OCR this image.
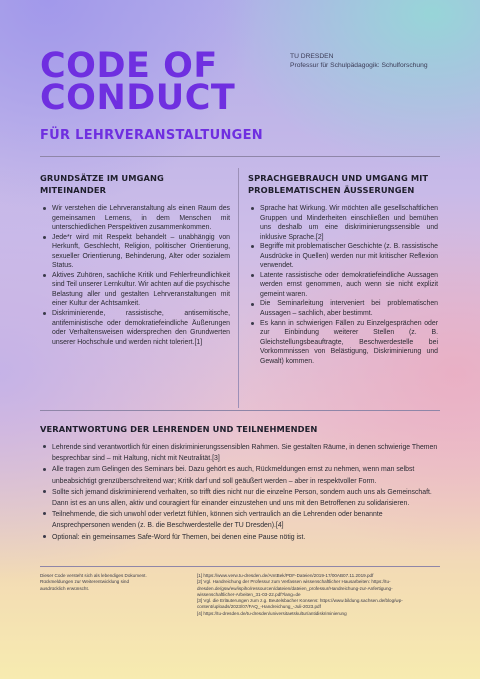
CODE OF
CONDUCT
TU DRESDEN
Professur für Schulpädagogik: Schulforschung
FÜR LEHRVERANSTALTUNGEN
GRUNDSÄTZE IM UMGANG
MITEINANDER
Wir verstehen die Lehrveranstaltung als einen Raum des gemeinsamen Lernens, in dem Menschen mit unterschiedlichen Perspektiven zusammenkommen.
Jede*r wird mit Respekt behandelt – unabhängig von Herkunft, Geschlecht, Religion, politischer Orientierung, sexueller Orientierung, Behinderung, Alter oder sozialem Status.
Aktives Zuhören, sachliche Kritik und Fehlerfreundlichkeit sind Teil unserer Lernkultur. Wir achten auf die psychische Belastung aller und gestalten Lehrveranstaltungen mit einer Kultur der Achtsamkeit.
Diskriminierende, rassistische, antisemitische, antifeministische oder demokratiefeindliche Äußerungen oder Verhaltensweisen widersprechen den Grundwerten unserer Hochschule und werden nicht toleriert.[1]
SPRACHGEBRAUCH UND UMGANG MIT
PROBLEMATISCHEN ÄUSSERUNGEN
Sprache hat Wirkung. Wir möchten alle gesellschaftlichen Gruppen und Minderheiten einschließen und bemühen uns deshalb um eine diskriminierungssensible und inklusive Sprache.[2]
Begriffe mit problematischer Geschichte (z. B. rassistische Ausdrücke in Quellen) werden nur mit kritischer Reflexion verwendet.
Latente rassistische oder demokratiefeindliche Aussagen werden ernst genommen, auch wenn sie nicht explizit gemeint waren.
Die Seminarleitung interveniert bei problematischen Aussagen – sachlich, aber bestimmt.
Es kann in schwierigen Fällen zu Einzelgesprächen oder zur Einbindung weiterer Stellen (z. B. Gleichstellungsbeauftragte, Beschwerdestelle bei Vorkommnissen von Belästigung, Diskriminierung und Gewalt) kommen.
VERANTWORTUNG DER LEHRENDEN UND TEILNEHMENDEN
Lehrende sind verantwortlich für einen diskriminierungssensiblen Rahmen. Sie gestalten Räume, in denen schwierige Themen besprechbar sind – mit Haltung, nicht mit Neutralität.[3]
Alle tragen zum Gelingen des Seminars bei. Dazu gehört es auch, Rückmeldungen ernst zu nehmen, wenn man selbst unbeabsichtigt grenzüberschreitend war; Kritik darf und soll geäußert werden – aber in respektvoller Form.
Sollte sich jemand diskriminierend verhalten, so trifft dies nicht nur die einzelne Person, sondern auch uns als Gemeinschaft. Dann ist es an uns allen, aktiv und couragiert für einander einzustehen und uns mit den Betroffenen zu solidarisieren.
Teilnehmende, die sich unwohl oder verletzt fühlen, können sich vertraulich an die Lehrenden oder benannte Ansprechpersonen wenden (z. B. die Beschwerdestelle der TU Dresden).[4]
Optional: ein gemeinsames Safe-Word für Themen, bei denen eine Pause nötig ist.
Dieser Code versteht sich als lebendiges Dokument.
Rückmeldungen zur Weiterentwicklung sind
ausdrücklich erwünscht.
[1] https://www.verw.tu-dresden.de/AmtBek/PDF-Dateien/2019-17/00AB07.11.2019.pdf
[2] Vgl. Handreichung der Professur zum Verfassen wissenschaftlicher Hausarbeiten: https://tu-
dresden.de/gsw/ew/ispiho/ressourcen/dateien/dateien_professur/Handreichung-zur-Anfertigung-
wissenschaftlicher-Arbeiten_31-03-22.pdf?lang=de
[3] Vgl. die Erläuterungen zum z.g. Beutelsbacher Konsens: https://www.bildung.sachsen.de/blog/wp-
content/uploads/2023/07/FAQ_-Handreichung_-Juli-2023.pdf
[4] https://tu-dresden.de/tu-dresden/universitaetskultur/antidiskriminierung
